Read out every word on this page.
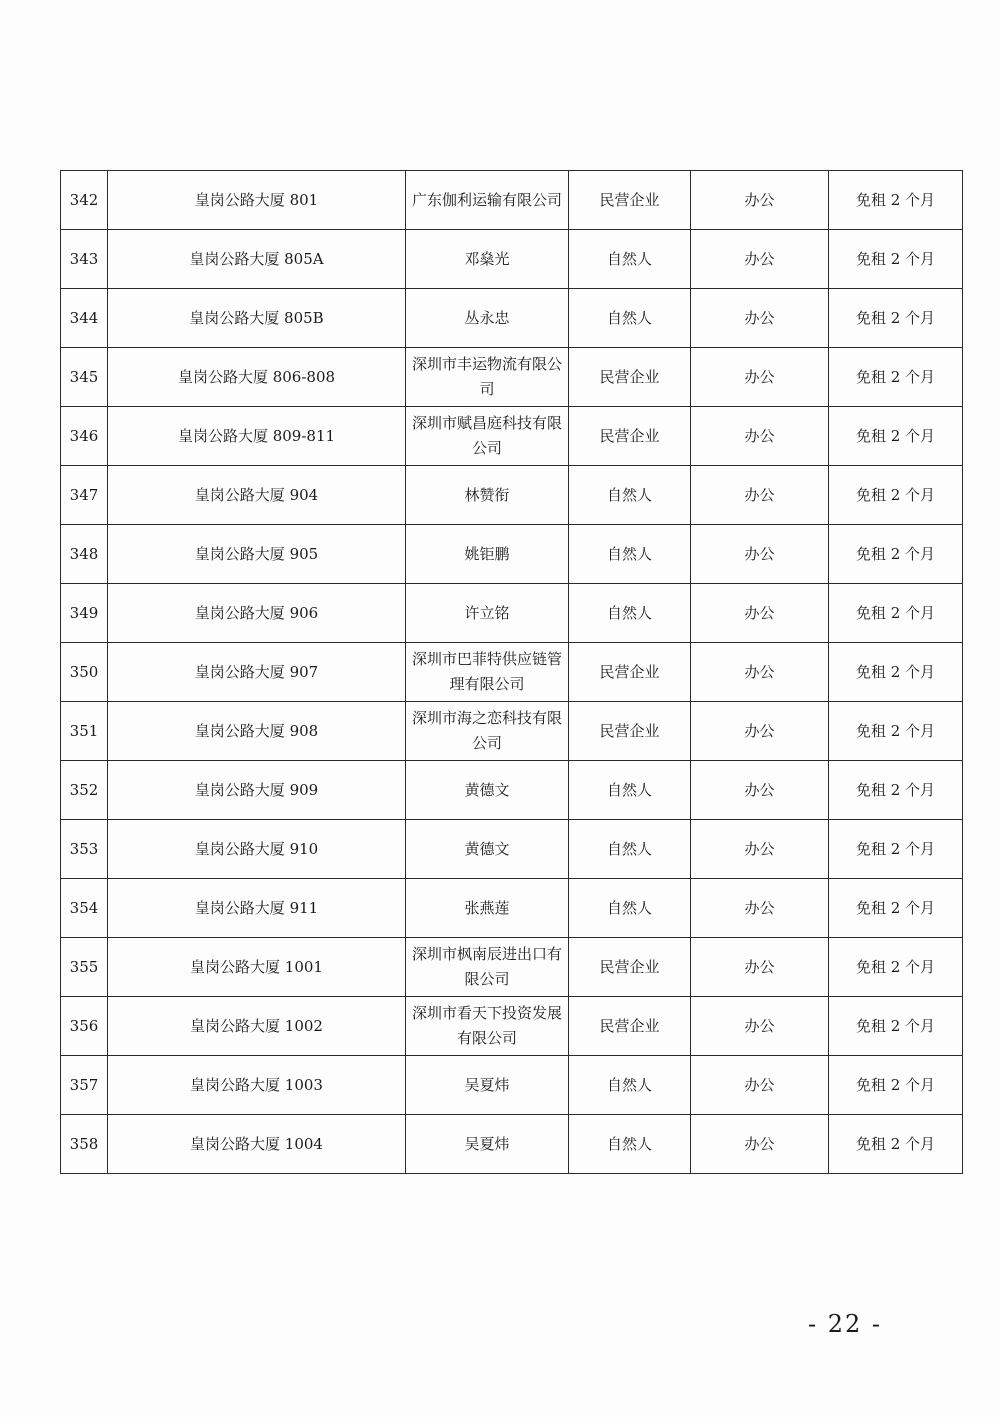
342	皇岗公路大厦 801	广东伽利运输有限公司	民营企业	办公	免租 2 个月
343	皇岗公路大厦 805A	邓燊光	自然人	办公	免租 2 个月
344	皇岗公路大厦 805B	丛永忠	自然人	办公	免租 2 个月
345	皇岗公路大厦 806-808	深圳市丰运物流有限公司	民营企业	办公	免租 2 个月
346	皇岗公路大厦 809-811	深圳市赋昌庭科技有限公司	民营企业	办公	免租 2 个月
347	皇岗公路大厦 904	林赞衔	自然人	办公	免租 2 个月
348	皇岗公路大厦 905	姚钜鹏	自然人	办公	免租 2 个月
349	皇岗公路大厦 906	许立铭	自然人	办公	免租 2 个月
350	皇岗公路大厦 907	深圳市巴菲特供应链管理有限公司	民营企业	办公	免租 2 个月
351	皇岗公路大厦 908	深圳市海之恋科技有限公司	民营企业	办公	免租 2 个月
352	皇岗公路大厦 909	黄德文	自然人	办公	免租 2 个月
353	皇岗公路大厦 910	黄德文	自然人	办公	免租 2 个月
354	皇岗公路大厦 911	张燕莲	自然人	办公	免租 2 个月
355	皇岗公路大厦 1001	深圳市枫南辰进出口有限公司	民营企业	办公	免租 2 个月
356	皇岗公路大厦 1002	深圳市看天下投资发展有限公司	民营企业	办公	免租 2 个月
357	皇岗公路大厦 1003	吴夏炜	自然人	办公	免租 2 个月
358	皇岗公路大厦 1004	吴夏炜	自然人	办公	免租 2 个月
- 22 -
